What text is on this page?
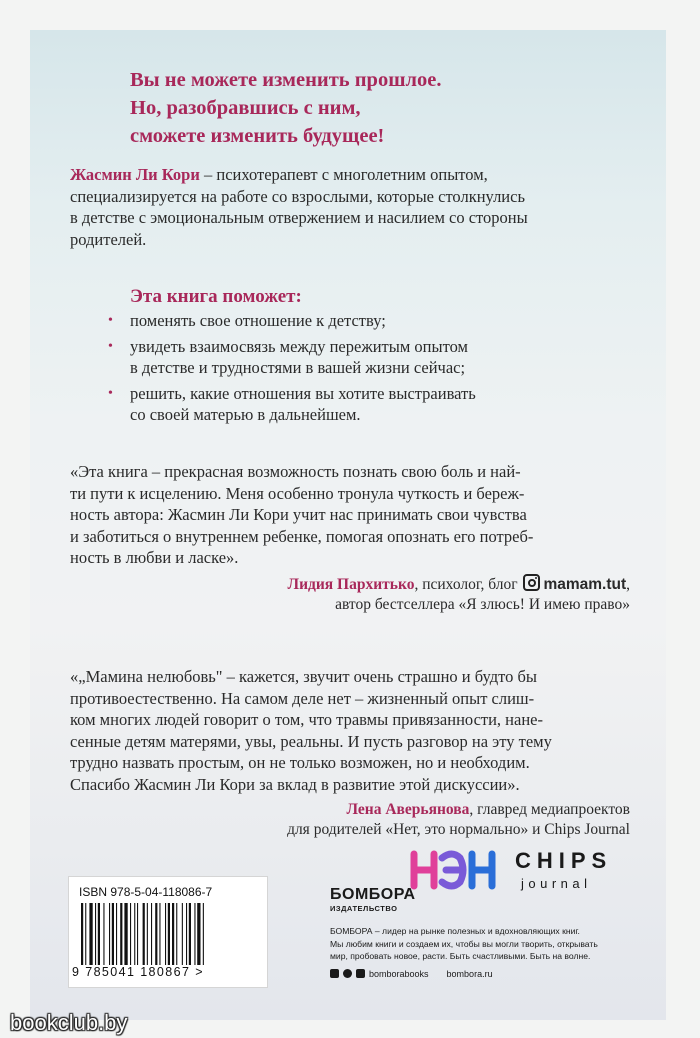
Вы не можете изменить прошлое.
Но, разобравшись с ним,
сможете изменить будущее!
Жасмин Ли Кори – психотерапевт с многолетним опытом,
специализируется на работе со взрослыми, которые столкнулись
в детстве с эмоциональным отвержением и насилием со стороны
родителей.
Эта книга поможет:
• поменять свое отношение к детству;
• увидеть взаимосвязь между пережитым опытом
в детстве и трудностями в вашей жизни сейчас;
• решить, какие отношения вы хотите выстраивать
со своей матерью в дальнейшем.
«Эта книга – прекрасная возможность познать свою боль и най-
ти пути к исцелению. Меня особенно тронула чуткость и береж-
ность автора: Жасмин Ли Кори учит нас принимать свои чувства
и заботиться о внутреннем ребенке, помогая опознать его потреб-
ность в любви и ласке».
Лидия Пархитько, психолог, блог mamam.tut,
автор бестселлера «Я злюсь! И имею право»
«„Мамина нелюбовь" – кажется, звучит очень страшно и будто бы
противоестественно. На самом деле нет – жизненный опыт слиш-
ком многих людей говорит о том, что травмы привязанности, нане-
сенные детям матерями, увы, реальны. И пусть разговор на эту тему
трудно назвать простым, он не только возможен, но и необходим.
Спасибо Жасмин Ли Кори за вклад в развитие этой дискуссии».
Лена Аверьянова, главред медиапроектов
для родителей «Нет, это нормально» и Chips Journal
CHIPS
journal
ISBN 978-5-04-118086-7
9 785041 180867 >
БОМБОРА
ИЗДАТЕЛЬСТВО
БОМБОРА – лидер на рынке полезных и вдохновляющих книг.
Мы любим книги и создаем их, чтобы вы могли творить, открывать
мир, пробовать новое, расти. Быть счастливыми. Быть на волне.
bomborabooks bombora.ru
bookclub.by
